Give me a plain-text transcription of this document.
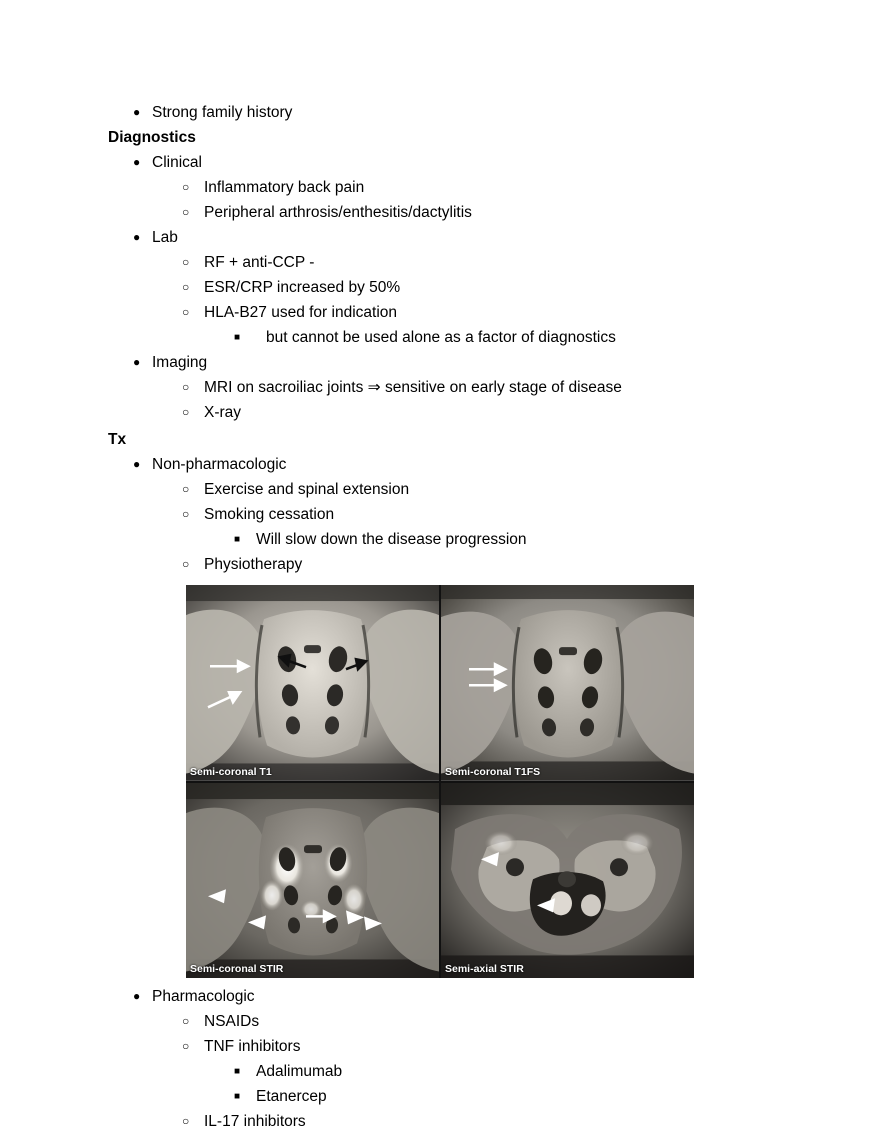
●
Strong family history
Diagnostics
●
Clinical
○
Inflammatory back pain
○
Peripheral arthrosis/enthesitis/dactylitis
●
Lab
○
RF + anti-CCP -
○
ESR/CRP increased by 50%
○
HLA-B27 used for indication
■
but cannot be used alone as a factor of diagnostics
●
Imaging
○
MRI on sacroiliac joints ⇒ sensitive on early stage of disease
○
X-ray
Tx
●
Non-pharmacologic
○
Exercise and spinal extension
○
Smoking cessation
■
Will slow down the disease progression
○
Physiotherapy
Semi-coronal T1	Semi-coronal T1FS
Semi-coronal STIR	Semi-axial STIR
●
Pharmacologic
○
NSAIDs
○
TNF inhibitors
■
Adalimumab
■
Etanercep
○
IL-17 inhibitors
